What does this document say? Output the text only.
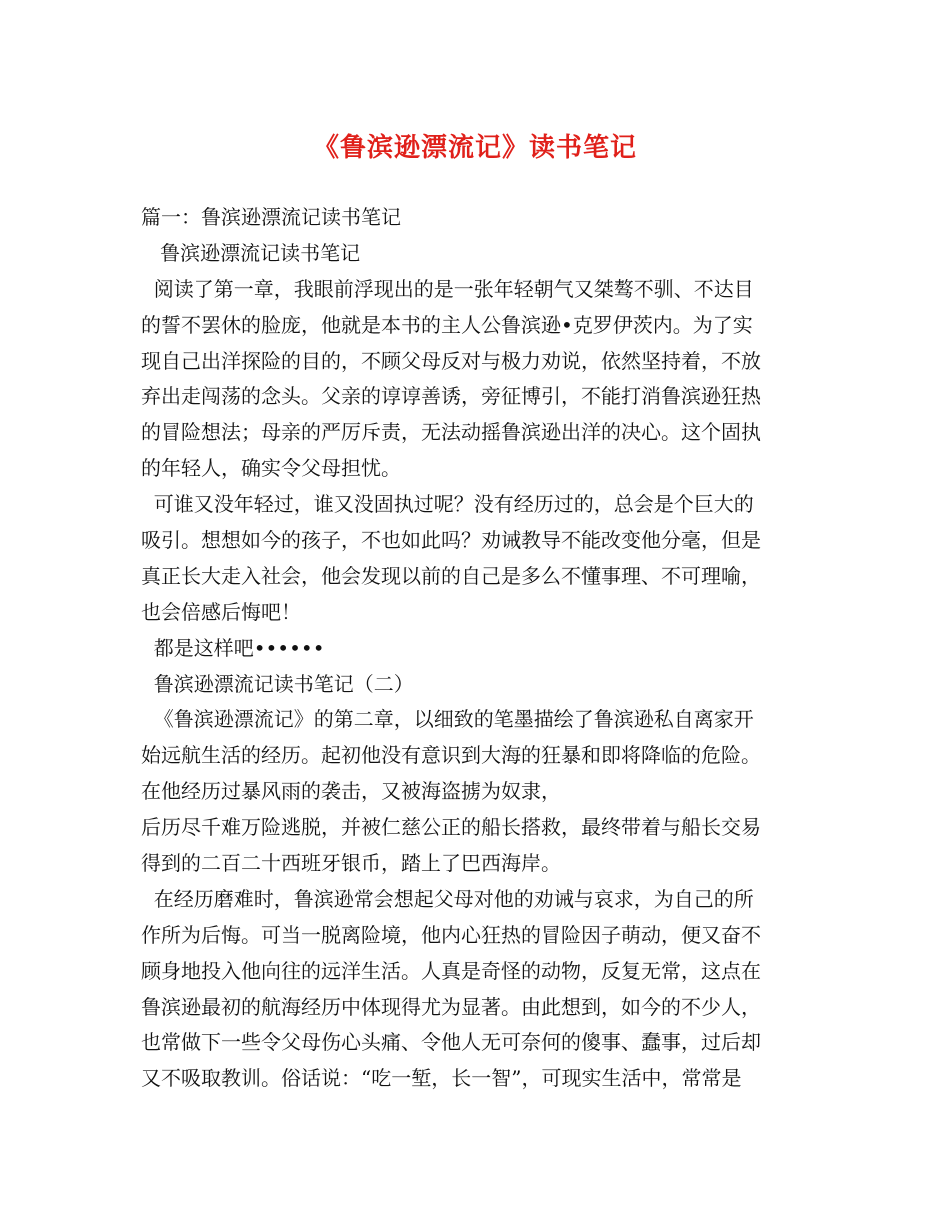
《鲁滨逊漂流记》读书笔记
篇一：鲁滨逊漂流记读书笔记
鲁滨逊漂流记读书笔记
阅读了第一章，我眼前浮现出的是一张年轻朝气又桀骜不驯、不达目
的誓不罢休的脸庞，他就是本书的主人公鲁滨逊•克罗伊茨内。为了实
现自己出洋探险的目的，不顾父母反对与极力劝说，依然坚持着，不放
弃出走闯荡的念头。父亲的谆谆善诱，旁征博引，不能打消鲁滨逊狂热
的冒险想法；母亲的严厉斥责，无法动摇鲁滨逊出洋的决心。这个固执
的年轻人，确实令父母担忧。
可谁又没年轻过，谁又没固执过呢？没有经历过的，总会是个巨大的
吸引。想想如今的孩子，不也如此吗？劝诫教导不能改变他分毫，但是
真正长大走入社会，他会发现以前的自己是多么不懂事理、不可理喻，
也会倍感后悔吧！
都是这样吧••••••
鲁滨逊漂流记读书笔记（二）
《鲁滨逊漂流记》的第二章，以细致的笔墨描绘了鲁滨逊私自离家开
始远航生活的经历。起初他没有意识到大海的狂暴和即将降临的危险。
在他经历过暴风雨的袭击，又被海盗掳为奴隶，
后历尽千难万险逃脱，并被仁慈公正的船长搭救，最终带着与船长交易
得到的二百二十西班牙银币，踏上了巴西海岸。
在经历磨难时，鲁滨逊常会想起父母对他的劝诫与哀求，为自己的所
作所为后悔。可当一脱离险境，他内心狂热的冒险因子萌动，便又奋不
顾身地投入他向往的远洋生活。人真是奇怪的动物，反复无常，这点在
鲁滨逊最初的航海经历中体现得尤为显著。由此想到，如今的不少人，
也常做下一些令父母伤心头痛、令他人无可奈何的傻事、蠢事，过后却
又不吸取教训。俗话说：“吃一堑，长一智”，可现实生活中，常常是
